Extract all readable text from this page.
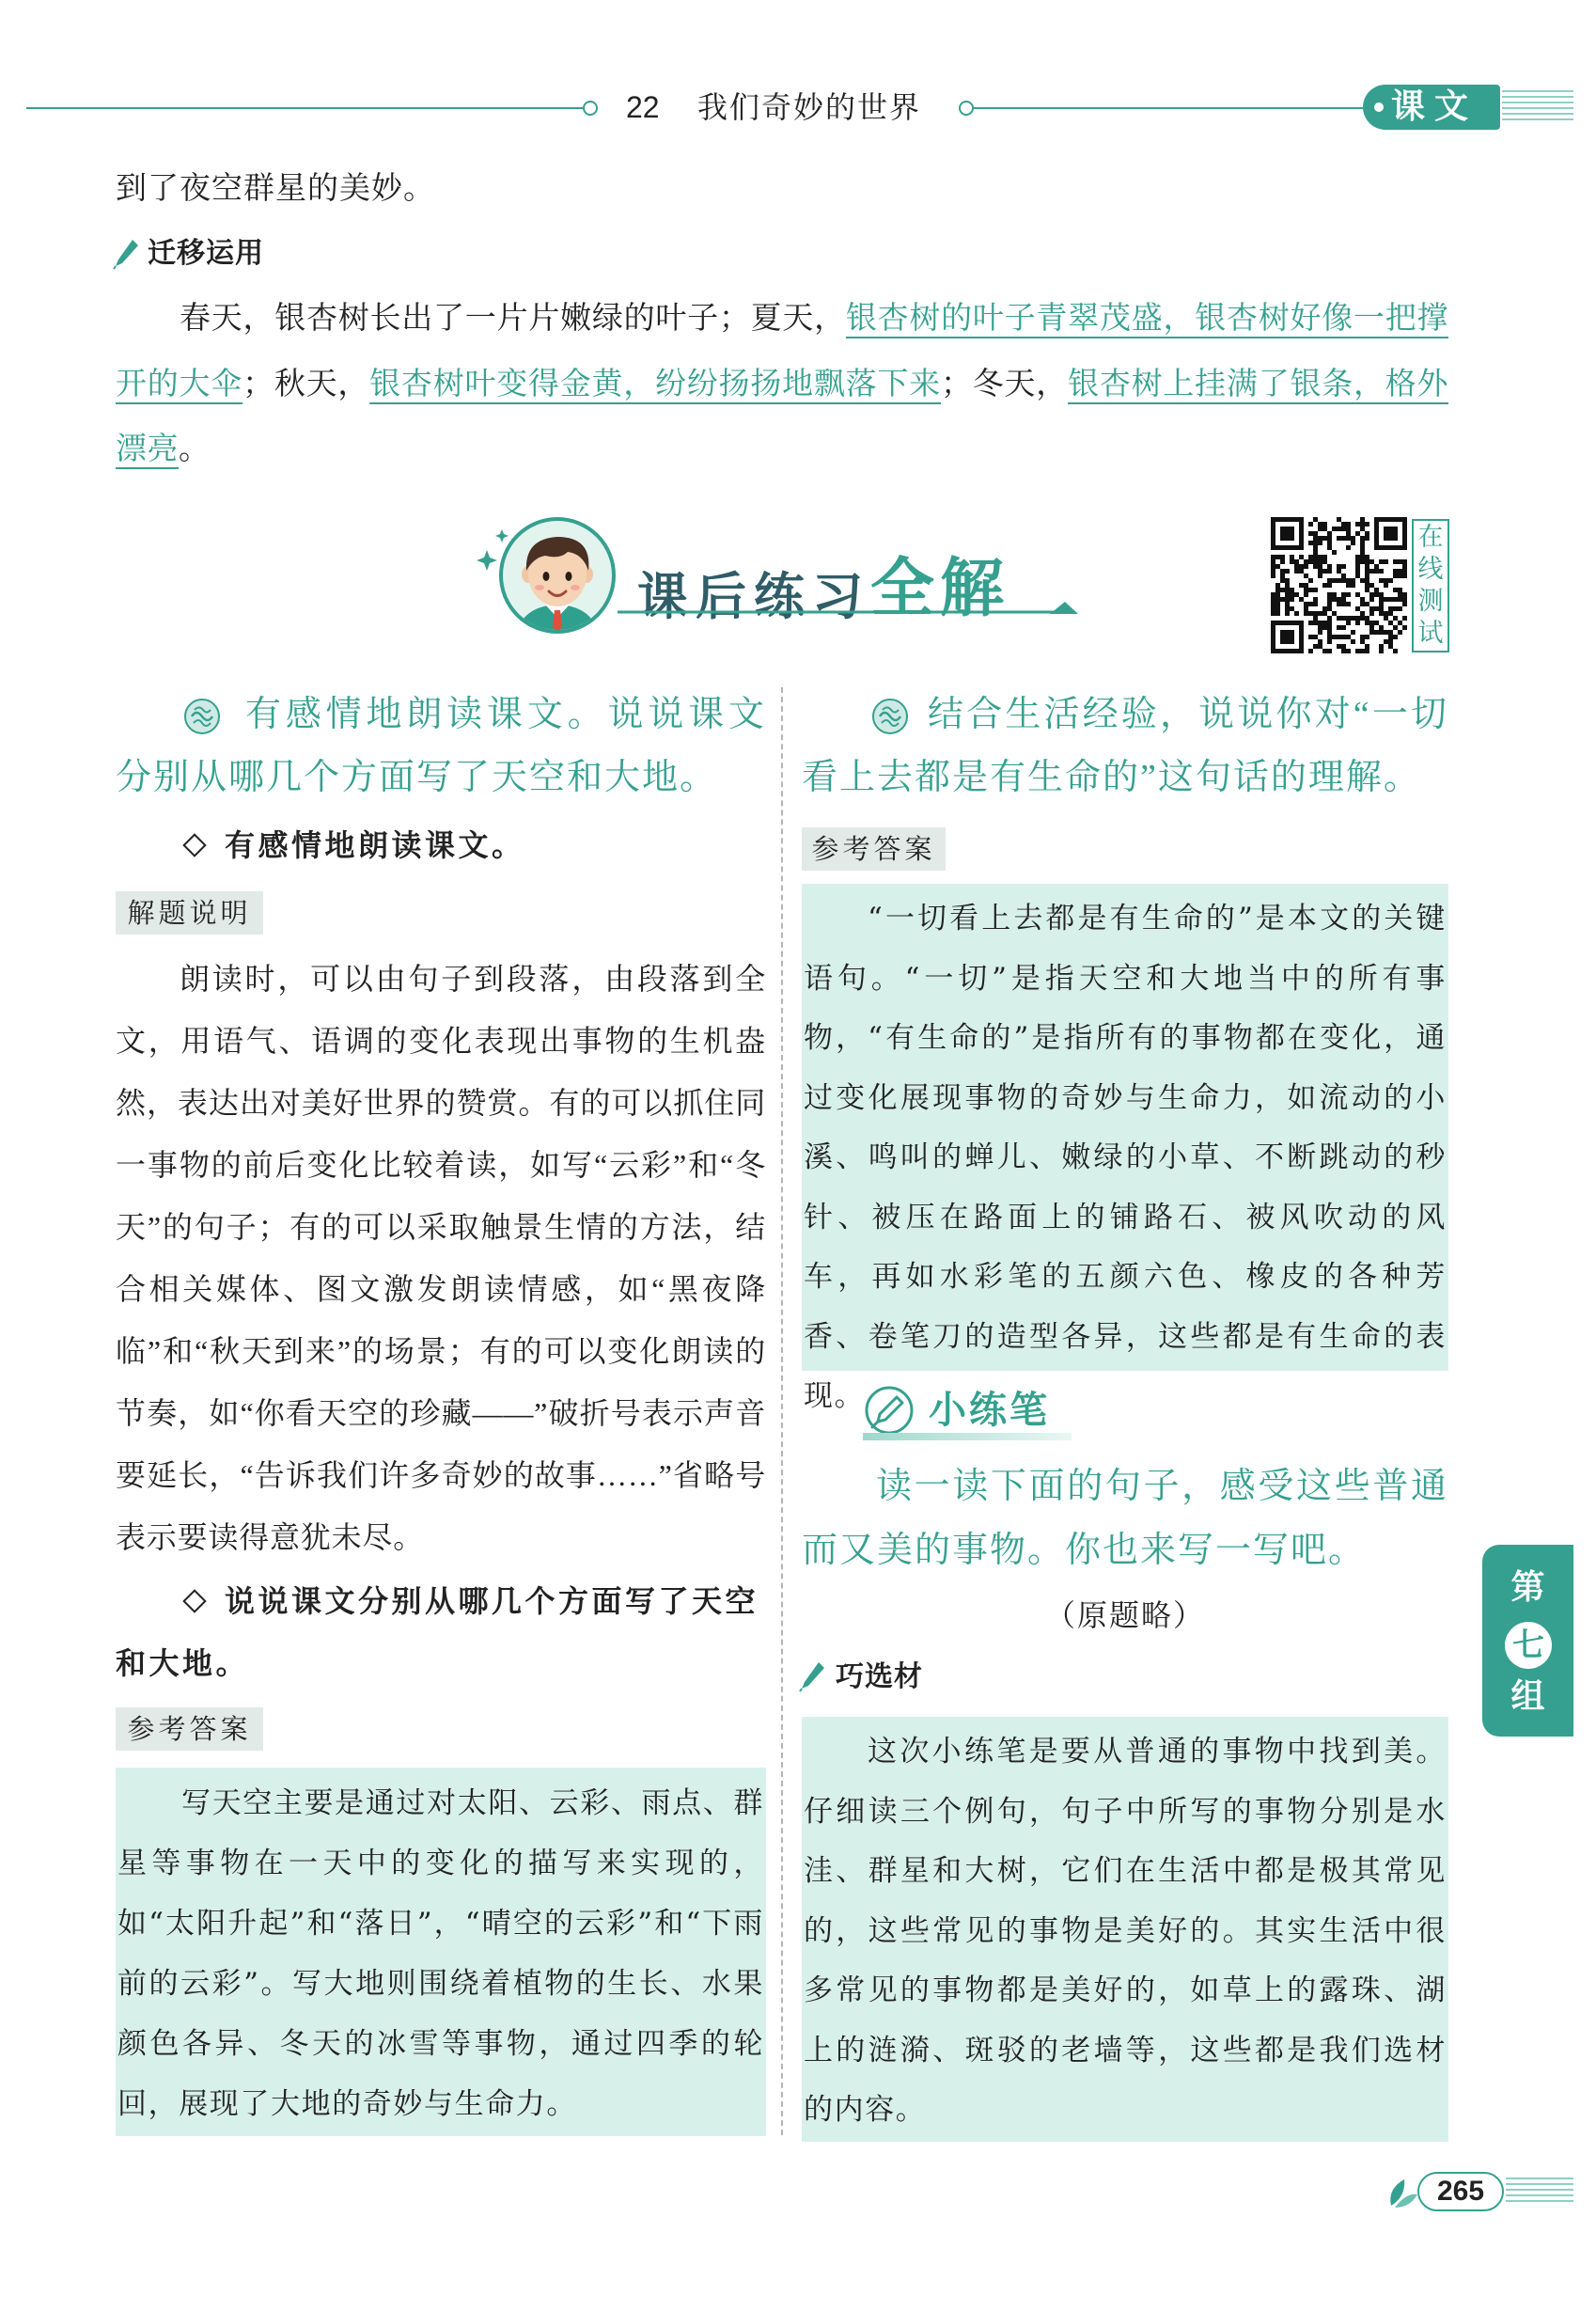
22 我们奇妙的世界	课文
到了夜空群星的美妙。
迁移运用

春天，银杏树长出了一片片嫩绿的叶子；夏天，银杏树的叶子青翠茂盛，银杏树好像一把撑开的大伞；秋天，银杏树叶变得金黄，纷纷扬扬地飘落下来；冬天，银杏树上挂满了银条，格外漂亮。

课后练习全解
在线测试

有感情地朗读课文。说说课文分别从哪几个方面写了天空和大地。

有感情地朗读课文。

解题说明

朗读时，可以由句子到段落，由段落到全文，用语气、语调的变化表现出事物的生机盎然，表达出对美好世界的赞赏。有的可以抓住同一事物的前后变化比较着读，如写“云彩”和“冬天”的句子；有的可以采取触景生情的方法，结合相关媒体、图文激发朗读情感，如“黑夜降临”和“秋天到来”的场景；有的可以变化朗读的节奏，如“你看天空的珍藏——”破折号表示声音要延长，“告诉我们许多奇妙的故事……”省略号表示要读得意犹未尽。

说说课文分别从哪几个方面写了天空和大地。

参考答案

写天空主要是通过对太阳、云彩、雨点、群星等事物在一天中的变化的描写来实现的，如“太阳升起”和“落日”，“晴空的云彩”和“下雨前的云彩”。写大地则围绕着植物的生长、水果颜色各异、冬天的冰雪等事物，通过四季的轮回，展现了大地的奇妙与生命力。

结合生活经验，说说你对“一切看上去都是有生命的”这句话的理解。

参考答案

“一切看上去都是有生命的”是本文的关键语句。“一切”是指天空和大地当中的所有事物，“有生命的”是指所有的事物都在变化，通过变化展现事物的奇妙与生命力，如流动的小溪、鸣叫的蝉儿、嫩绿的小草、不断跳动的秒针、被压在路面上的铺路石、被风吹动的风车，再如水彩笔的五颜六色、橡皮的各种芳香、卷笔刀的造型各异，这些都是有生命的表现。	小练笔

读一读下面的句子，感受这些普通而又美的事物。你也来写一写吧。

（原题略）
巧选材

这次小练笔是要从普通的事物中找到美。仔细读三个例句，句子中所写的事物分别是水洼、群星和大树，它们在生活中都是极其常见的，这些常见的事物是美好的。其实生活中很多常见的事物都是美好的，如草上的露珠、湖上的涟漪、斑驳的老墙等，这些都是我们选材的内容。

第
七
组
265
